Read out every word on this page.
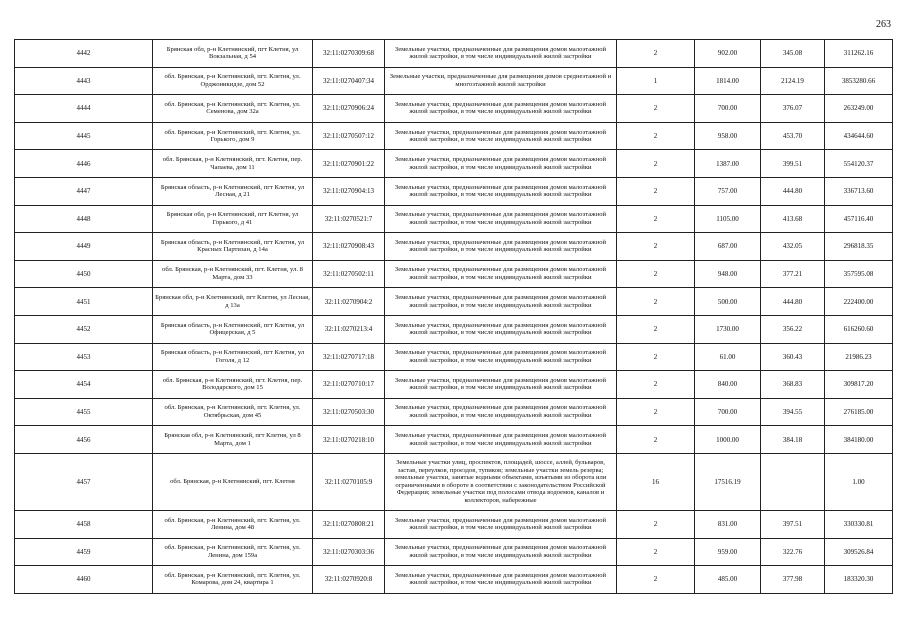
263
4442	Брянская обл, р-н Клетнянский, пгт Клетня, ул Вокзальная, д 54	32:11:0270309:68	Земельные участки, предназначенные для размещения домов малоэтажной жилой застройки, в том числе индивидуальной жилой застройки	2	902.00	345.08	311262.16
4443	обл. Брянская, р-н Клетнянский, пгт. Клетня, ул. Орджоникидзе, дом 52	32:11:0270407:34	Земельные участки, предназначенные для размещения домов среднеэтажной и многоэтажной жилой застройки	1	1814.00	2124.19	3853280.66
4444	обл. Брянская, р-н Клетнянский, пгт. Клетня, ул. Семенова, дом 32а	32:11:0270906:24	Земельные участки, предназначенные для размещения домов малоэтажной жилой застройки, в том числе индивидуальной жилой застройки	2	700.00	376.07	263249.00
4445	обл. Брянская, р-н Клетнянский, пгт. Клетня, ул. Горького, дом 9	32:11:0270507:12	Земельные участки, предназначенные для размещения домов малоэтажной жилой застройки, в том числе индивидуальной жилой застройки	2	958.00	453.70	434644.60
4446	обл. Брянская, р-н Клетнянский, пгт. Клетня, пер. Чапаева, дом 11	32:11:0270901:22	Земельные участки, предназначенные для размещения домов малоэтажной жилой застройки, в том числе индивидуальной жилой застройки	2	1387.00	399.51	554120.37
4447	Брянская область, р-н Клетнянский, пгт Клетня, ул Лесная, д 21	32:11:0270904:13	Земельные участки, предназначенные для размещения домов малоэтажной жилой застройки, в том числе индивидуальной жилой застройки	2	757.00	444.80	336713.60
4448	Брянская обл, р-н Клетнянский, пгт Клетня, ул Горького, д 41	32:11:0270521:7	Земельные участки, предназначенные для размещения домов малоэтажной жилой застройки, в том числе индивидуальной жилой застройки	2	1105.00	413.68	457116.40
4449	Брянская область, р-н Клетнянский, пгт Клетня, ул Красных Партизан, д 14а	32:11:0270908:43	Земельные участки, предназначенные для размещения домов малоэтажной жилой застройки, в том числе индивидуальной жилой застройки	2	687.00	432.05	296818.35
4450	обл. Брянская, р-н Клетнянский, пгт. Клетня, ул. 8 Марта, дом 33	32:11:0270502:11	Земельные участки, предназначенные для размещения домов малоэтажной жилой застройки, в том числе индивидуальной жилой застройки	2	948.00	377.21	357595.08
4451	Брянская обл, р-н Клетнянский, пгт Клетня, ул Лесная, д 13а	32:11:0270904:2	Земельные участки, предназначенные для размещения домов малоэтажной жилой застройки, в том числе индивидуальной жилой застройки	2	500.00	444.80	222400.00
4452	Брянская область, р-н Клетнянский, пгт Клетня, ул Офицерская, д 5	32:11:0270213:4	Земельные участки, предназначенные для размещения домов малоэтажной жилой застройки, в том числе индивидуальной жилой застройки	2	1730.00	356.22	616260.60
4453	Брянская область, р-н Клетнянский, пгт Клетня, ул Гоголя, д 12	32:11:0270717:18	Земельные участки, предназначенные для размещения домов малоэтажной жилой застройки, в том числе индивидуальной жилой застройки	2	61.00	360.43	21986.23
4454	обл. Брянская, р-н Клетнянский, пгт. Клетня, пер. Володарского, дом 15	32:11:0270710:17	Земельные участки, предназначенные для размещения домов малоэтажной жилой застройки, в том числе индивидуальной жилой застройки	2	840.00	368.83	309817.20
4455	обл. Брянская, р-н Клетнянский, пгт. Клетня, ул. Октябрьская, дом 45	32:11:0270503:30	Земельные участки, предназначенные для размещения домов малоэтажной жилой застройки, в том числе индивидуальной жилой застройки	2	700.00	394.55	276185.00
4456	Брянская обл, р-н Клетнянский, пгт Клетня, ул 8 Марта, дом 1	32:11:0270218:10	Земельные участки, предназначенные для размещения домов малоэтажной жилой застройки, в том числе индивидуальной жилой застройки	2	1000.00	384.18	384180.00
4457	обл. Брянская, р-н Клетнянский, пгт. Клетня	32:11:0270105:9	Земельные участки улиц, проспектов, площадей, шоссе, аллей, бульваров, застав, переулков, проездов, тупиков; земельные участки земель резерва; земельные участки, занятые водными объектами, изъятыми из оборота или ограниченными в обороте в соответствии с законодательством Российской Федерации; земельные участки под полосами отвода водоемов, каналов и коллекторов, набережные	16	17516.19		1.00
4458	обл. Брянская, р-н Клетнянский, пгт. Клетня, ул. Ленина, дом 48	32:11:0270808:21	Земельные участки, предназначенные для размещения домов малоэтажной жилой застройки, в том числе индивидуальной жилой застройки	2	831.00	397.51	330330.81
4459	обл. Брянская, р-н Клетнянский, пгт. Клетня, ул. Ленина, дом 159а	32:11:0270303:36	Земельные участки, предназначенные для размещения домов малоэтажной жилой застройки, в том числе индивидуальной жилой застройки	2	959.00	322.76	309526.84
4460	обл. Брянская, р-н Клетнянский, пгт. Клетня, ул. Комарова, дом 24, квартира 1	32:11:0270920:8	Земельные участки, предназначенные для размещения домов малоэтажной жилой застройки, в том числе индивидуальной жилой застройки	2	485.00	377.98	183320.30
